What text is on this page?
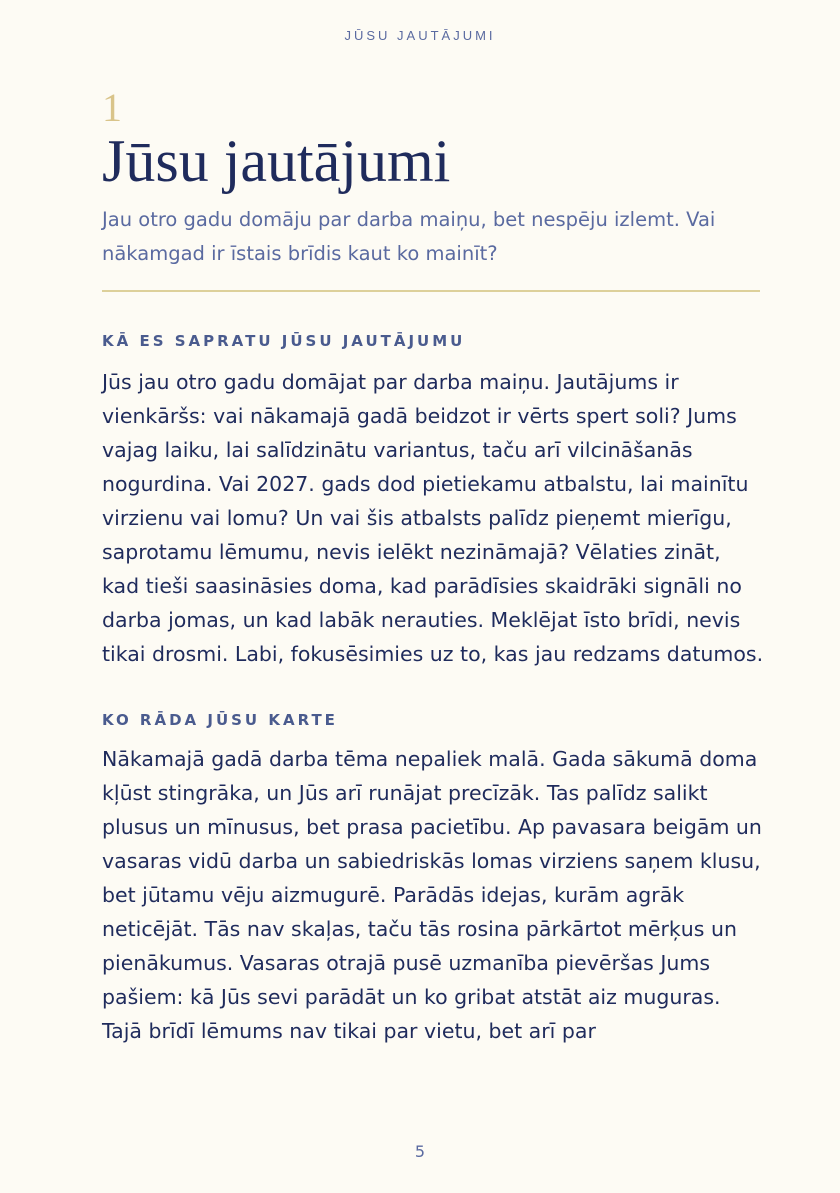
JŪSU JAUTĀJUMI
1
Jūsu jautājumi

Jau otro gadu domāju par darba maiņu, bet nespēju izlemt. Vai nākamgad ir īstais brīdis kaut ko mainīt?

KĀ ES SAPRATU JŪSU JAUTĀJUMU

Jūs jau otro gadu domājat par darba maiņu. Jautājums ir vienkāršs: vai nākamajā gadā beidzot ir vērts spert soli? Jums vajag laiku, lai salīdzinātu variantus, taču arī vilcināšanās nogurdina. Vai 2027. gads dod pietiekamu atbalstu, lai mainītu virzienu vai lomu? Un vai šis atbalsts palīdz pieņemt mierīgu, saprotamu lēmumu, nevis ielēkt nezināmajā? Vēlaties zināt, kad tieši saasināsies doma, kad parādīsies skaidrāki signāli no darba jomas, un kad labāk nerauties. Meklējat īsto brīdi, nevis tikai drosmi. Labi, fokusēsimies uz to, kas jau redzams datumos.

KO RĀDA JŪSU KARTE

Nākamajā gadā darba tēma nepaliek malā. Gada sākumā doma kļūst stingrāka, un Jūs arī runājat precīzāk. Tas palīdz salikt plusus un mīnusus, bet prasa pacietību. Ap pavasara beigām un vasaras vidū darba un sabiedriskās lomas virziens saņem klusu, bet jūtamu vēju aizmugurē. Parādās idejas, kurām agrāk neticējāt. Tās nav skaļas, taču tās rosina pārkārtot mērķus un pienākumus. Vasaras otrajā pusē uzmanība pievēršas Jums pašiem: kā Jūs sevi parādāt un ko gribat atstāt aiz muguras. Tajā brīdī lēmums nav tikai par vietu, bet arī par

5
